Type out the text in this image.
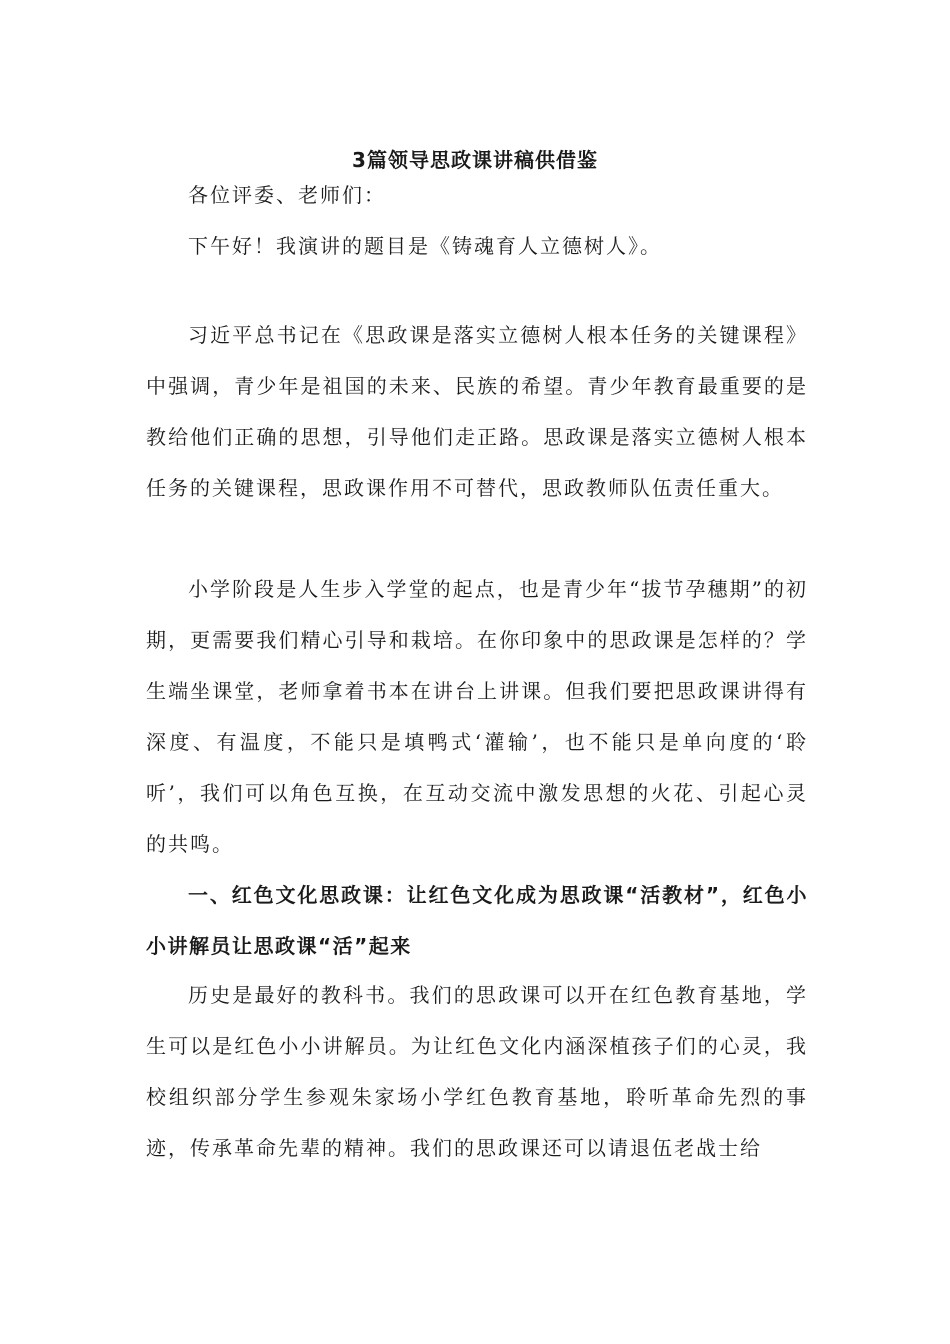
3篇领导思政课讲稿供借鉴

各位评委、老师们：

下午好！我演讲的题目是《铸魂育人立德树人》。

习近平总书记在《思政课是落实立德树人根本任务的关键课程》中强调，青少年是祖国的未来、民族的希望。青少年教育最重要的是教给他们正确的思想，引导他们走正路。思政课是落实立德树人根本任务的关键课程，思政课作用不可替代，思政教师队伍责任重大。

小学阶段是人生步入学堂的起点，也是青少年“拔节孕穗期”的初期，更需要我们精心引导和栽培。在你印象中的思政课是怎样的？学生端坐课堂，老师拿着书本在讲台上讲课。但我们要把思政课讲得有深度、有温度，不能只是填鸭式‘灌输’，也不能只是单向度的‘聆听’，我们可以角色互换，在互动交流中激发思想的火花、引起心灵的共鸣。

一、红色文化思政课：让红色文化成为思政课“活教材”，红色小小讲解员让思政课“活”起来

历史是最好的教科书。我们的思政课可以开在红色教育基地，学生可以是红色小小讲解员。为让红色文化内涵深植孩子们的心灵，我校组织部分学生参观朱家场小学红色教育基地，聆听革命先烈的事迹，传承革命先辈的精神。我们的思政课还可以请退伍老战士给
